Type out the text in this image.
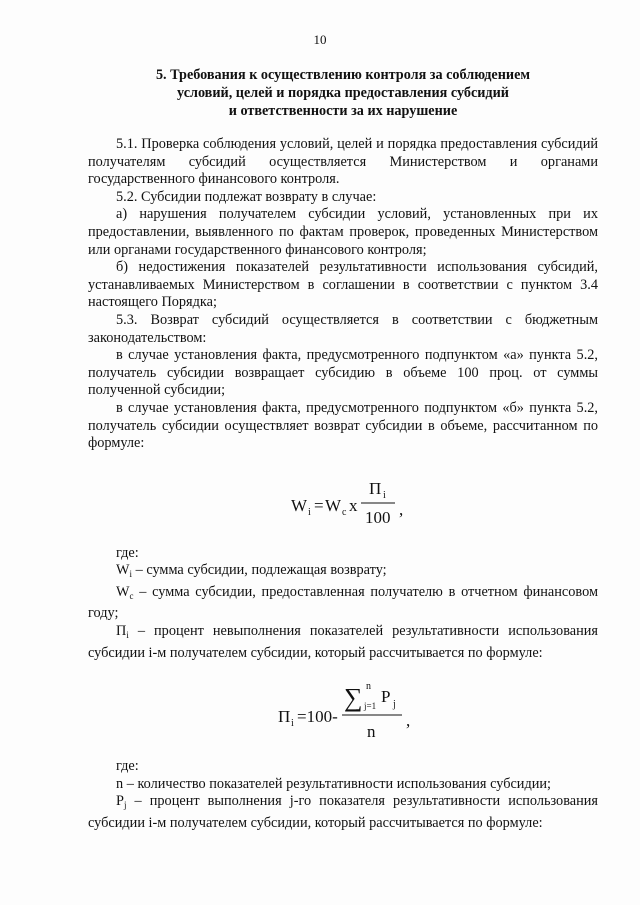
10
5. Требования к осуществлению контроля за соблюдением
условий, целей и порядка предоставления субсидий
и ответственности за их нарушение

5.1. Проверка соблюдения условий, целей и порядка предоставления субсидий получателям субсидий осуществляется Министерством и органами государственного финансового контроля.

5.2. Субсидии подлежат возврату в случае:

а) нарушения получателем субсидии условий, установленных при их предоставлении, выявленного по фактам проверок, проведенных Министерством или органами государственного финансового контроля;

б) недостижения показателей результативности использования субсидий, устанавливаемых Министерством в соглашении в соответствии с пунктом 3.4 настоящего Порядка;

5.3. Возврат субсидий осуществляется в соответствии с бюджетным законодательством:

в случае установления факта, предусмотренного подпунктом «а» пункта 5.2, получатель субсидии возвращает субсидию в объеме 100 проц. от суммы полученной субсидии;

в случае установления факта, предусмотренного подпунктом «б» пункта 5.2, получатель субсидии осуществляет возврат субсидии в объеме, рассчитанном по формуле:

W i = W c x
П i
100 ,

где:

$W_i$ – сумма субсидии, подлежащая возврату;

$W_c$ – сумма субсидии, предоставленная получателю в отчетном финансовом году;

$П_i$ – процент невыполнения показателей результативности использования субсидии i-м получателем субсидии, который рассчитывается по формуле:

П i =100-
∑ n
j=1 P j
n
,

где:

n – количество показателей результативности использования субсидии;

$P_j$ – процент выполнения j-го показателя результативности использования субсидии i-м получателем субсидии, который рассчитывается по формуле:
